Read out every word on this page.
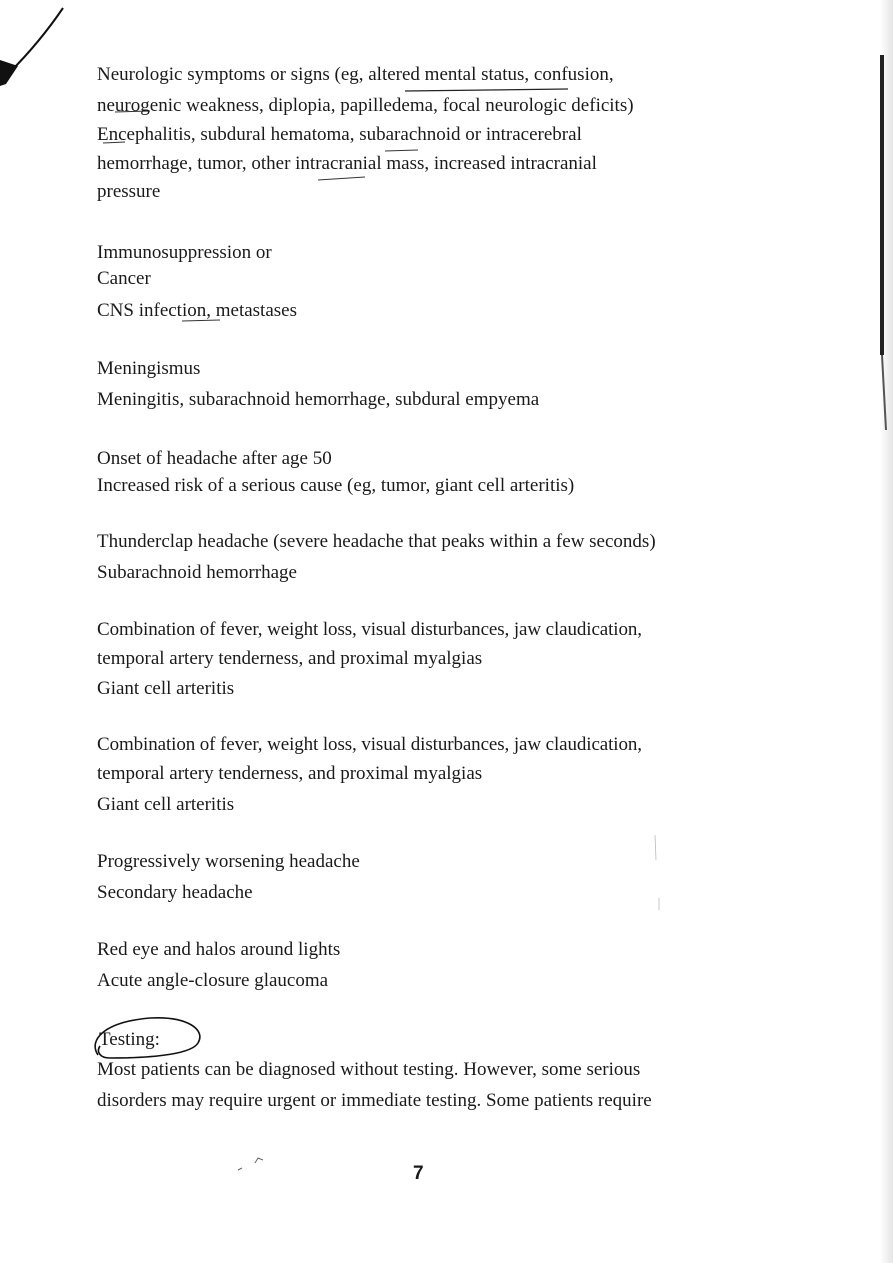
Neurologic symptoms or signs (eg, altered mental status, confusion,
neurogenic weakness, diplopia, papilledema, focal neurologic deficits)
Encephalitis, subdural hematoma, subarachnoid or intracerebral
hemorrhage, tumor, other intracranial mass, increased intracranial
pressure
Immunosuppression or
Cancer
CNS infection, metastases
Meningismus
Meningitis, subarachnoid hemorrhage, subdural empyema
Onset of headache after age 50
Increased risk of a serious cause (eg, tumor, giant cell arteritis)
Thunderclap headache (severe headache that peaks within a few seconds)
Subarachnoid hemorrhage
Combination of fever, weight loss, visual disturbances, jaw claudication,
temporal artery tenderness, and proximal myalgias
Giant cell arteritis
Combination of fever, weight loss, visual disturbances, jaw claudication,
temporal artery tenderness, and proximal myalgias
Giant cell arteritis
Progressively worsening headache
Secondary headache
Red eye and halos around lights
Acute angle-closure glaucoma
Testing:
Most patients can be diagnosed without testing. However, some serious
disorders may require urgent or immediate testing. Some patients require
7
